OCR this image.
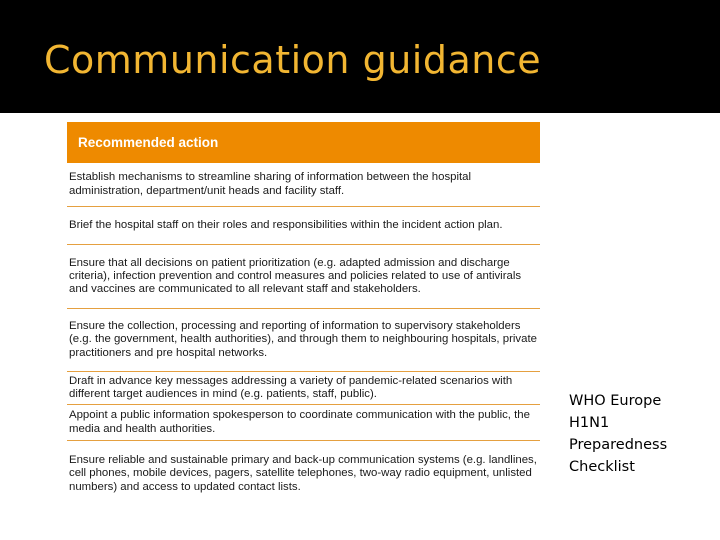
Communication guidance
Recommended action
Establish mechanisms to streamline sharing of information between the hospital administration, department/unit heads and facility staff.
Brief the hospital staff on their roles and responsibilities within the incident action plan.
Ensure that all decisions on patient prioritization (e.g. adapted admission and discharge criteria), infection prevention and control measures and policies related to use of antivirals and vaccines are communicated to all relevant staff and stakeholders.
Ensure the collection, processing and reporting of information to supervisory stakeholders (e.g. the government, health authorities), and through them to neighbouring hospitals, private practitioners and pre hospital networks.
Draft in advance key messages addressing a variety of pandemic-related scenarios with different target audiences in mind (e.g. patients, staff, public).
Appoint a public information spokesperson to coordinate communication with the public, the media and health authorities.
Ensure reliable and sustainable primary and back-up communication systems (e.g. landlines, cell phones, mobile devices, pagers, satellite telephones, two-way radio equipment, unlisted numbers) and access to updated contact lists.
WHO Europe
H1N1
Preparedness
Checklist
